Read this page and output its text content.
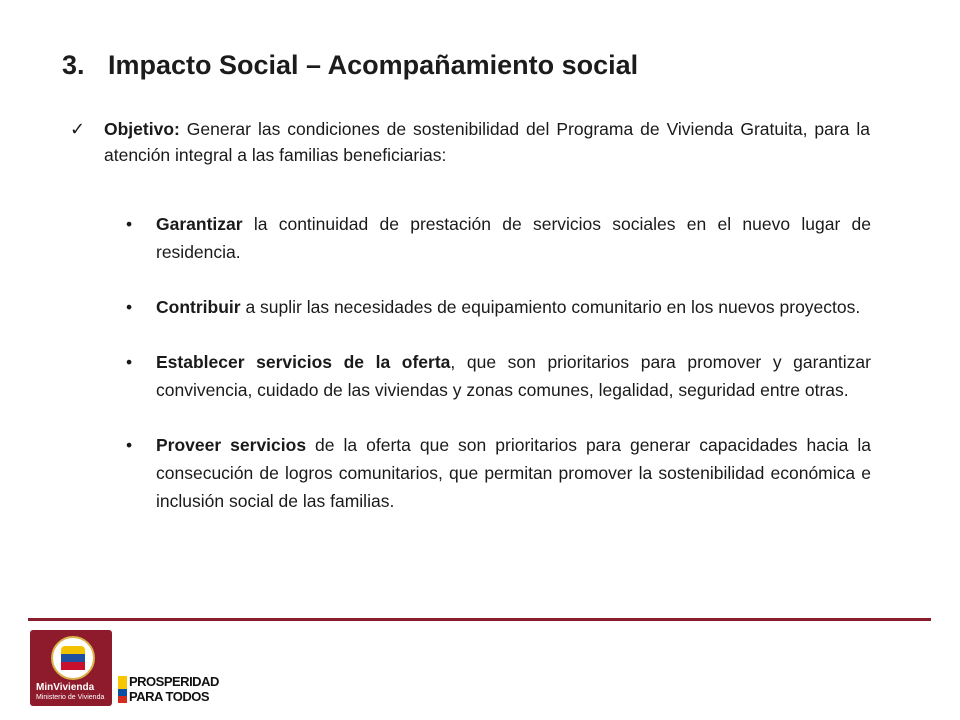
3. Impacto Social – Acompañamiento social
✓ Objetivo: Generar las condiciones de sostenibilidad del Programa de Vivienda Gratuita, para la atención integral a las familias beneficiarias:
• Garantizar la continuidad de prestación de servicios sociales en el nuevo lugar de residencia.
• Contribuir a suplir las necesidades de equipamiento comunitario en los nuevos proyectos.
• Establecer servicios de la oferta, que son prioritarios para promover y garantizar convivencia, cuidado de las viviendas y zonas comunes, legalidad, seguridad entre otras.
• Proveer servicios de la oferta que son prioritarios para generar capacidades hacia la consecución de logros comunitarios, que permitan promover la sostenibilidad económica e inclusión social de las familias.
MinVivienda
Ministerio de Vivienda
PROSPERIDAD
PARA TODOS
